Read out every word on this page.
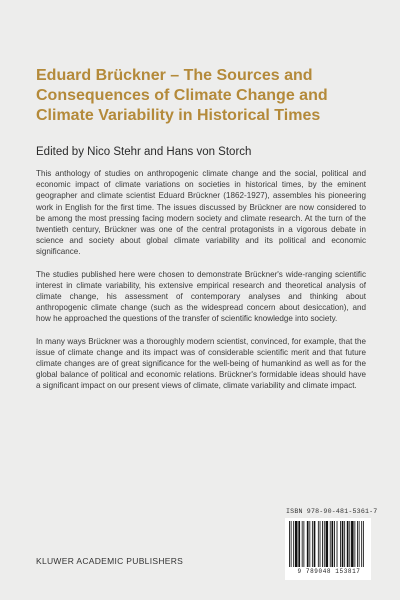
Eduard Brückner – The Sources and Consequences of Climate Change and Climate Variability in Historical Times

Edited by Nico Stehr and Hans von Storch

This anthology of studies on anthropogenic climate change and the social, political and economic impact of climate variations on societies in historical times, by the eminent geographer and climate scientist Eduard Brückner (1862-1927), assembles his pioneering work in English for the first time. The issues discussed by Brückner are now considered to be among the most pressing facing modern society and climate research. At the turn of the twentieth century, Brückner was one of the central protagonists in a vigorous debate in science and society about global climate variability and its political and economic significance.

The studies published here were chosen to demonstrate Brückner's wide-ranging scientific interest in climate variability, his extensive empirical research and theoretical analysis of climate change, his assessment of contemporary analyses and thinking about anthropogenic climate change (such as the widespread concern about desiccation), and how he approached the questions of the transfer of scientific knowledge into society.

In many ways Brückner was a thoroughly modern scientist, convinced, for example, that the issue of climate change and its impact was of considerable scientific merit and that future climate changes are of great significance for the well-being of humankind as well as for the global balance of political and economic relations. Brückner's formidable ideas should have a significant impact on our present views of climate, climate variability and climate impact.

ISBN 978-90-481-5361-7
9 789048 153817
KLUWER ACADEMIC PUBLISHERS
